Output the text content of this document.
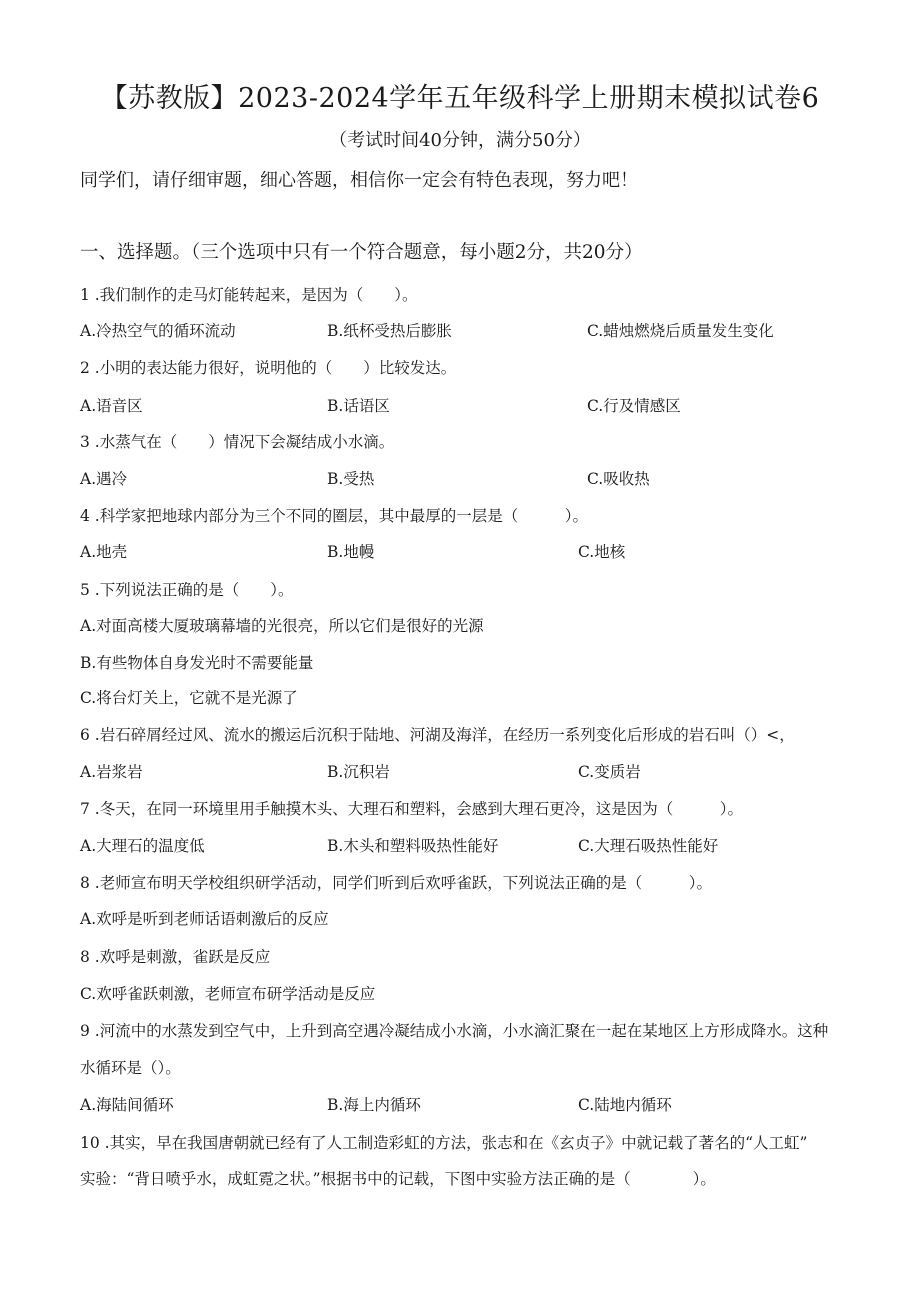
【苏教版】2023-2024学年五年级科学上册期末模拟试卷6
（考试时间40分钟，满分50分）
同学们，请仔细审题，细心答题，相信你一定会有特色表现，努力吧！
一、选择题。（三个选项中只有一个符合题意，每小题2分，共20分）
1 .我们制作的走马灯能转起来，是因为（　　）。
A.冷热空气的循环流动	B.纸杯受热后膨胀	C.蜡烛燃烧后质量发生变化
2 .小明的表达能力很好，说明他的（　　）比较发达。
A.语音区	B.话语区	C.行及情感区
3 .水蒸气在（　　）情况下会凝结成小水滴。
A.遇冷	B.受热	C.吸收热
4 .科学家把地球内部分为三个不同的圈层，其中最厚的一层是（　　　）。
A.地壳	B.地幔	C.地核
5 .下列说法正确的是（　　）。
A.对面高楼大厦玻璃幕墙的光很亮，所以它们是很好的光源
B.有些物体自身发光时不需要能量
C.将台灯关上，它就不是光源了
6 .岩石碎屑经过风、流水的搬运后沉积于陆地、河湖及海洋，在经历一系列变化后形成的岩石叫（）<，
A.岩浆岩	B.沉积岩	C.变质岩
7 .冬天，在同一环境里用手触摸木头、大理石和塑料，会感到大理石更冷，这是因为（　　　）。
A.大理石的温度低	B.木头和塑料吸热性能好	C.大理石吸热性能好
8 .老师宣布明天学校组织研学活动，同学们听到后欢呼雀跃，下列说法正确的是（　　　）。
A.欢呼是听到老师话语刺激后的反应
8 .欢呼是刺激，雀跃是反应
C.欢呼雀跃刺激，老师宣布研学活动是反应
9 .河流中的水蒸发到空气中，上升到高空遇冷凝结成小水滴，小水滴汇聚在一起在某地区上方形成降水。这种
水循环是（）。
A.海陆间循环	B.海上内循环	C.陆地内循环
10 .其实，早在我国唐朝就已经有了人工制造彩虹的方法，张志和在《玄贞子》中就记载了著名的“人工虹”
实验：“背日喷乎水，成虹霓之状。”根据书中的记载，下图中实验方法正确的是（　　　　）。
